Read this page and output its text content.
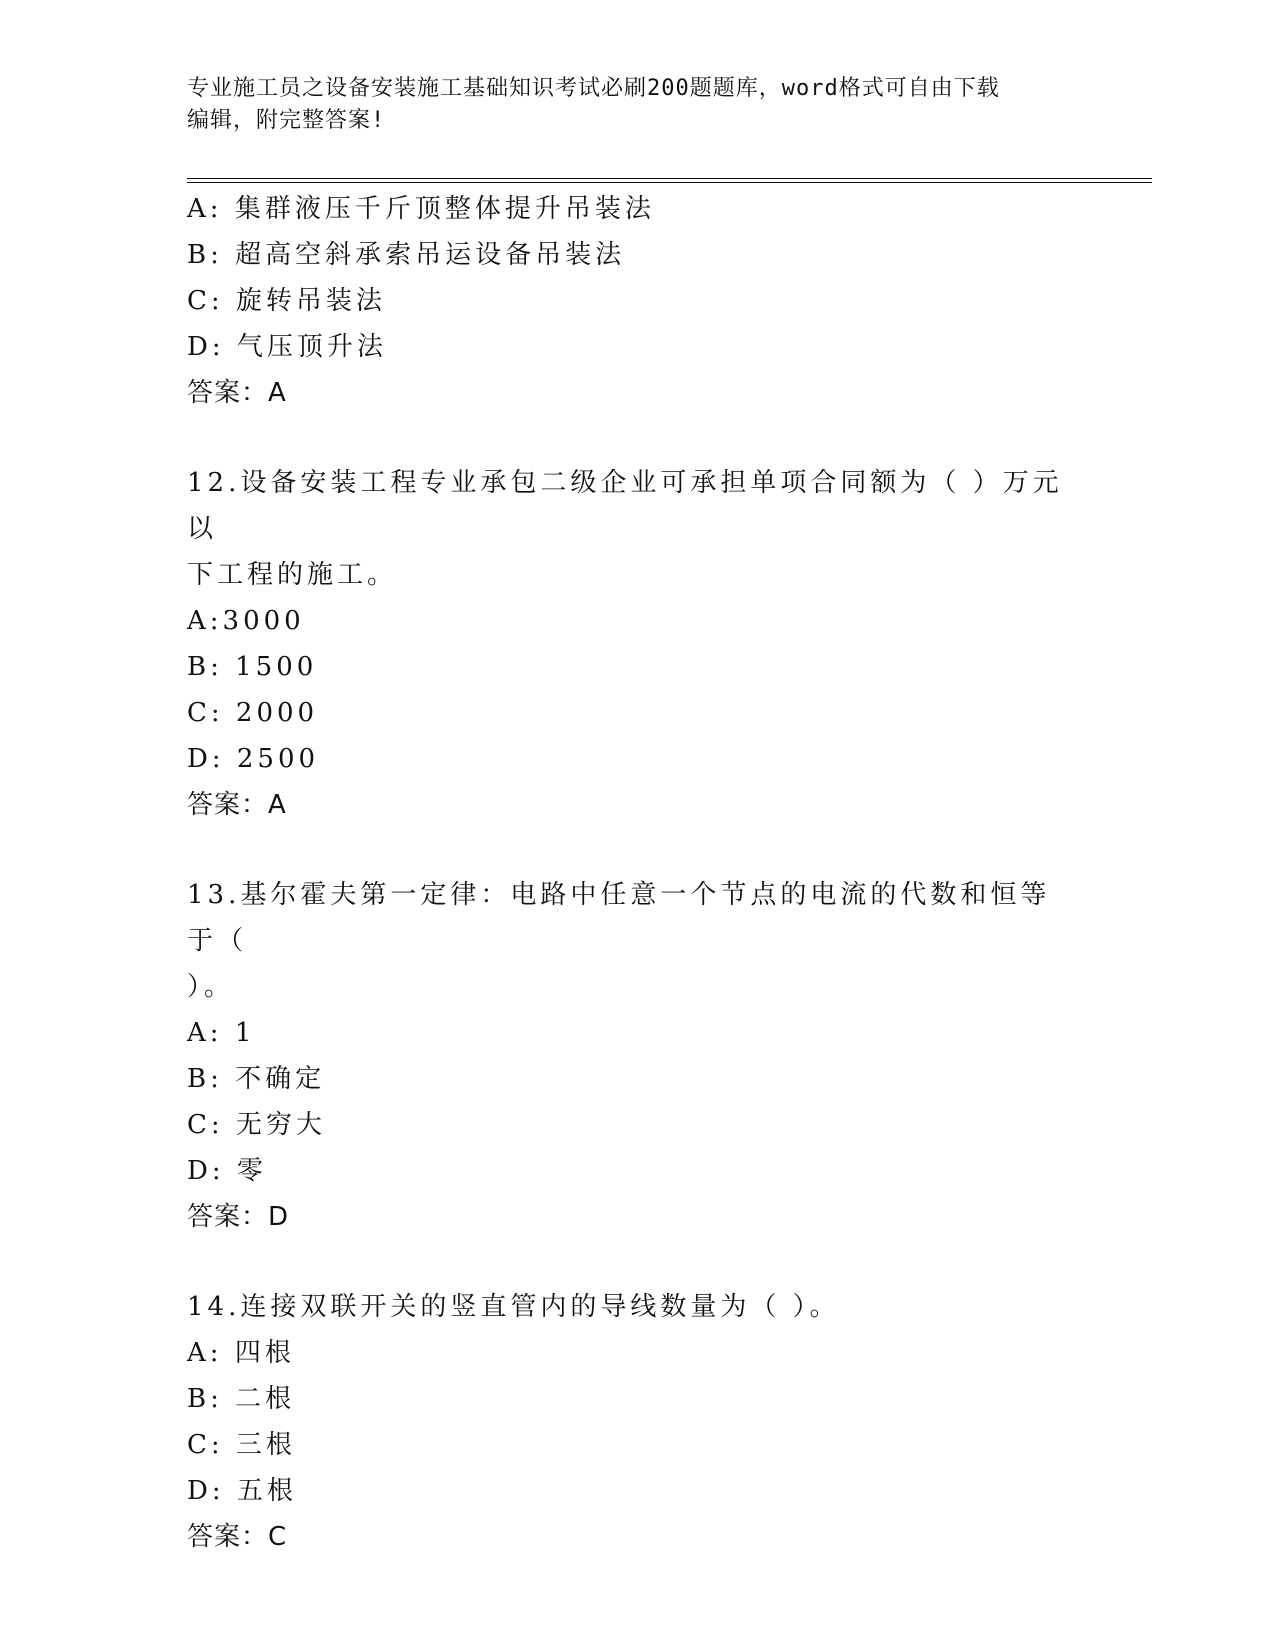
专业施工员之设备安装施工基础知识考试必刷200题题库，word格式可自由下载
编辑，附完整答案!
A: 集群液压千斤顶整体提升吊装法
B: 超高空斜承索吊运设备吊装法
C: 旋转吊装法
D: 气压顶升法
答案：A
12.设备安装工程专业承包二级企业可承担单项合同额为（ ）万元以
下工程的施工。
A:3000
B: 1500
C: 2000
D: 2500
答案：A
13.基尔霍夫第一定律：电路中任意一个节点的电流的代数和恒等于（
）。
A: 1
B: 不确定
C: 无穷大
D: 零
答案：D
14.连接双联开关的竖直管内的导线数量为（ ）。
A: 四根
B: 二根
C: 三根
D: 五根
答案：C
